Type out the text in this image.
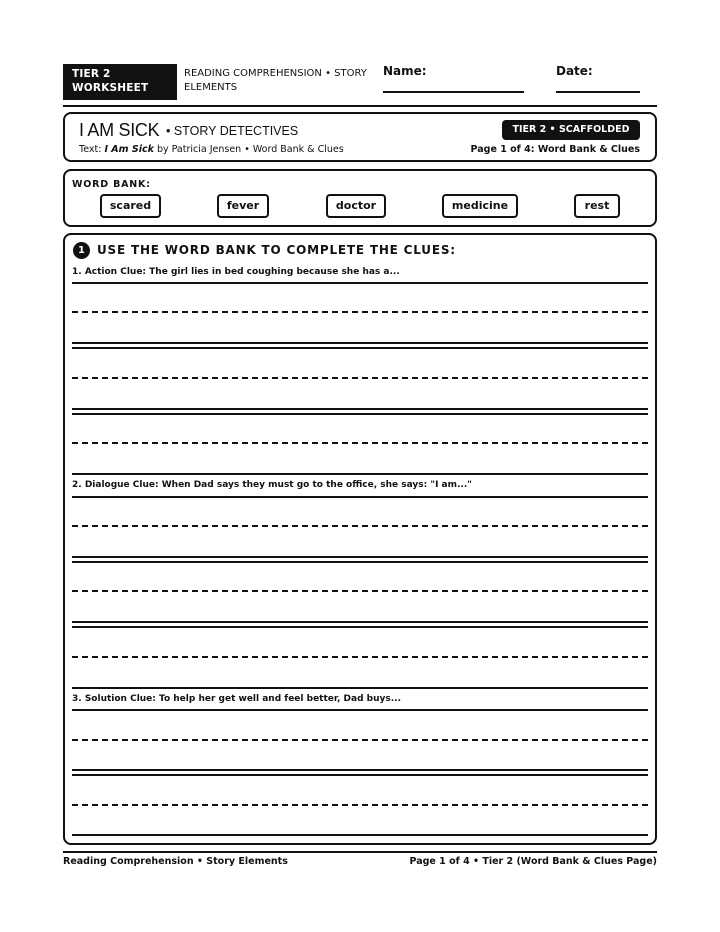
TIER 2
WORKSHEET
READING COMPREHENSION • STORY ELEMENTS
Name:	Date:
I AM SICK • STORY DETECTIVES
Text: I Am Sick by Patricia Jensen • Word Bank & Clues
TIER 2 • SCAFFOLDED
Page 1 of 4: Word Bank & Clues
WORD BANK:
scared	fever	doctor	medicine	rest
1	USE THE WORD BANK TO COMPLETE THE CLUES:
1. Action Clue: The girl lies in bed coughing because she has a...
2. Dialogue Clue: When Dad says they must go to the office, she says: "I am..."
3. Solution Clue: To help her get well and feel better, Dad buys...
Reading Comprehension • Story Elements	Page 1 of 4 • Tier 2 (Word Bank & Clues Page)
